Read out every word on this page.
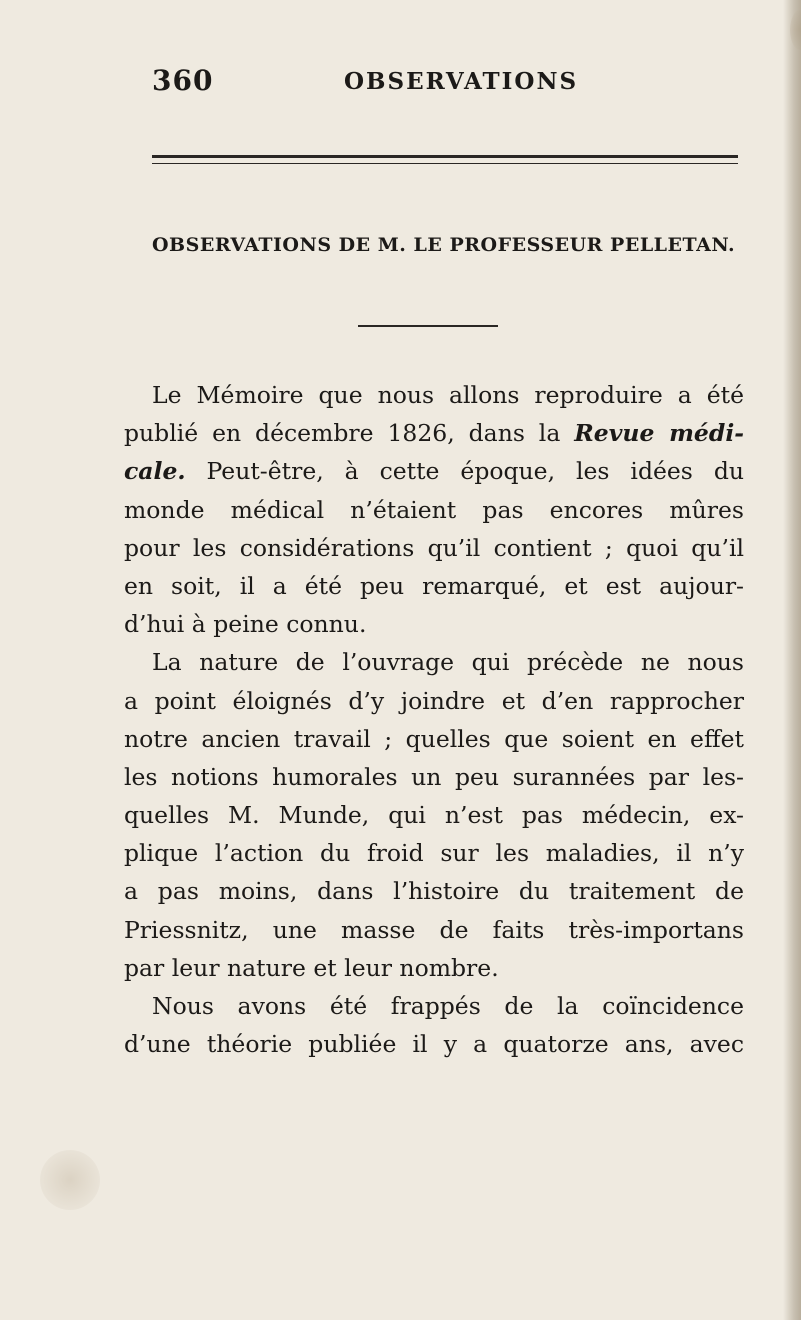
360	OBSERVATIONS
OBSERVATIONS DE M. LE PROFESSEUR PELLETAN.
Le Mémoire que nous allons reproduire a été
publié en décembre 1826, dans la Revue médi-
cale. Peut-être, à cette époque, les idées du
monde médical n’étaient pas encores mûres
pour les considérations qu’il contient ; quoi qu’il
en soit, il a été peu remarqué, et est aujour-
d’hui à peine connu.
La nature de l’ouvrage qui précède ne nous
a point éloignés d’y joindre et d’en rapprocher
notre ancien travail ; quelles que soient en effet
les notions humorales un peu surannées par les-
quelles M. Munde, qui n’est pas médecin, ex-
plique l’action du froid sur les maladies, il n’y
a pas moins, dans l’histoire du traitement de
Priessnitz, une masse de faits très-importans
par leur nature et leur nombre.
Nous avons été frappés de la coïncidence
d’une théorie publiée il y a quatorze ans, avec
